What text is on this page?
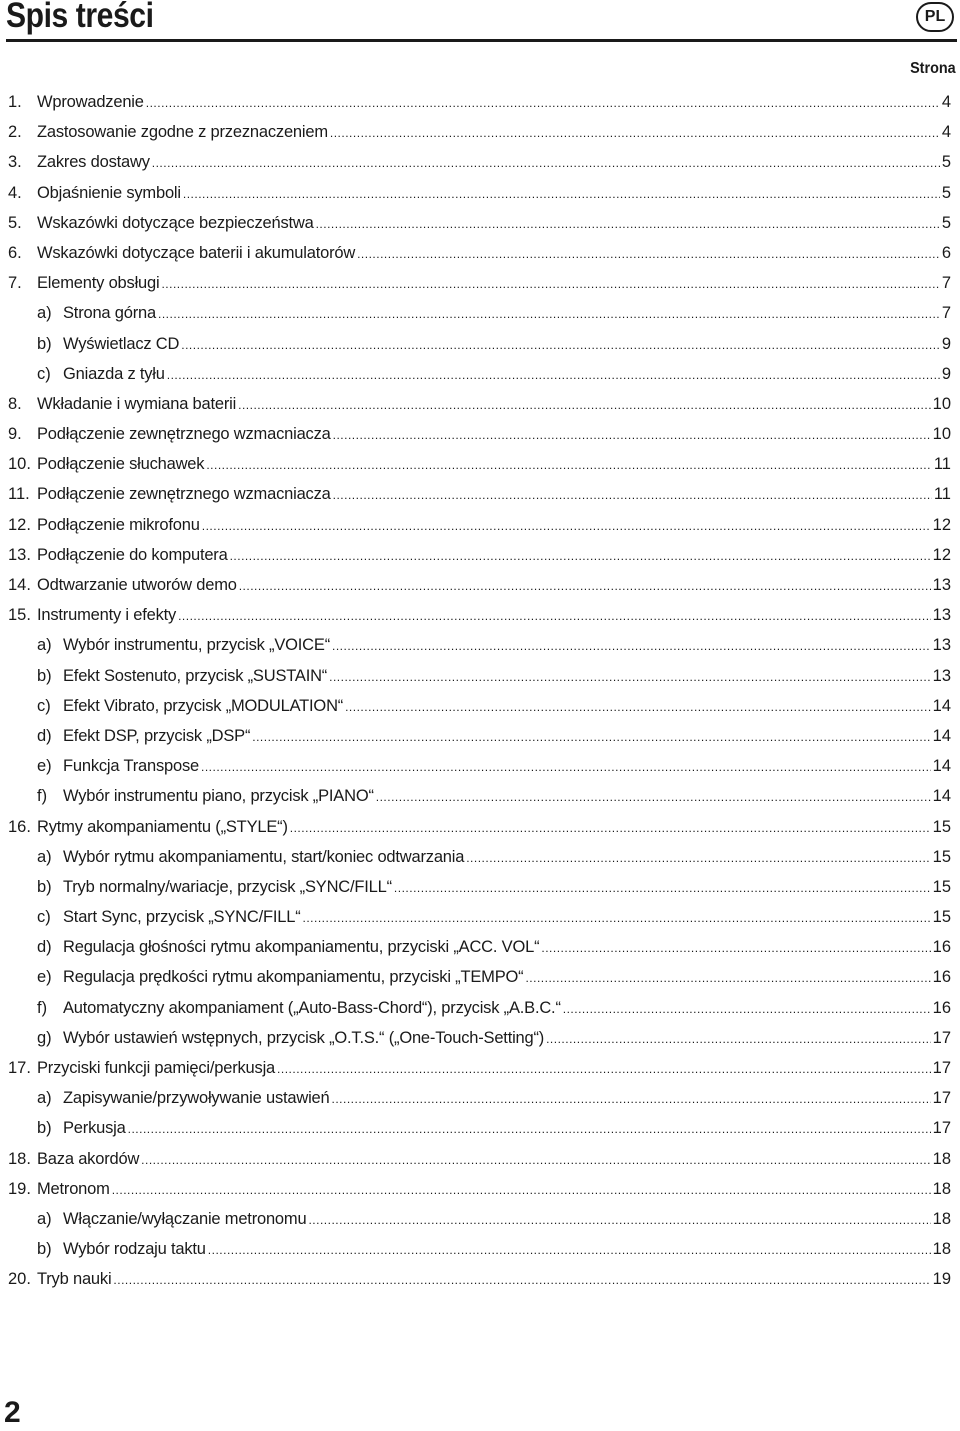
Spis treści	PL
Strona
1. Wprowadzenie .....	4
2. Zastosowanie zgodne z przeznaczeniem .....	4
3. Zakres dostawy .....	5
4. Objaśnienie symboli .....	5
5. Wskazówki dotyczące bezpieczeństwa .....	5
6. Wskazówki dotyczące baterii i akumulatorów .....	6
7. Elementy obsługi .....	7
a) Strona górna .....	7
b) Wyświetlacz CD .....	9
c) Gniazda z tyłu .....	9
8. Wkładanie i wymiana baterii .....	10
9. Podłączenie zewnętrznego wzmacniacza .....	10
10. Podłączenie słuchawek .....	11
11. Podłączenie zewnętrznego wzmacniacza .....	11
12. Podłączenie mikrofonu .....	12
13. Podłączenie do komputera .....	12
14. Odtwarzanie utworów demo .....	13
15. Instrumenty i efekty .....	13
a) Wybór instrumentu, przycisk „VOICE“ .....	13
b) Efekt Sostenuto, przycisk „SUSTAIN“ .....	13
c) Efekt Vibrato, przycisk „MODULATION“ .....	14
d) Efekt DSP, przycisk „DSP“ .....	14
e) Funkcja Transpose .....	14
f) Wybór instrumentu piano, przycisk „PIANO“ .....	14
16. Rytmy akompaniamentu („STYLE“) .....	15
a) Wybór rytmu akompaniamentu, start/koniec odtwarzania .....	15
b) Tryb normalny/wariacje, przycisk „SYNC/FILL“ .....	15
c) Start Sync, przycisk „SYNC/FILL“ .....	15
d) Regulacja głośności rytmu akompaniamentu, przyciski „ACC. VOL“ .....	16
e) Regulacja prędkości rytmu akompaniamentu, przyciski „TEMPO“ .....	16
f) Automatyczny akompaniament („Auto-Bass-Chord“), przycisk „A.B.C.“ .....	16
g) Wybór ustawień wstępnych, przycisk „O.T.S.“ („One-Touch-Setting“) .....	17
17. Przyciski funkcji pamięci/perkusja .....	17
a) Zapisywanie/przywoływanie ustawień .....	17
b) Perkusja .....	17
18. Baza akordów .....	18
19. Metronom .....	18
a) Włączanie/wyłączanie metronomu .....	18
b) Wybór rodzaju taktu .....	18
20. Tryb nauki .....	19
2
